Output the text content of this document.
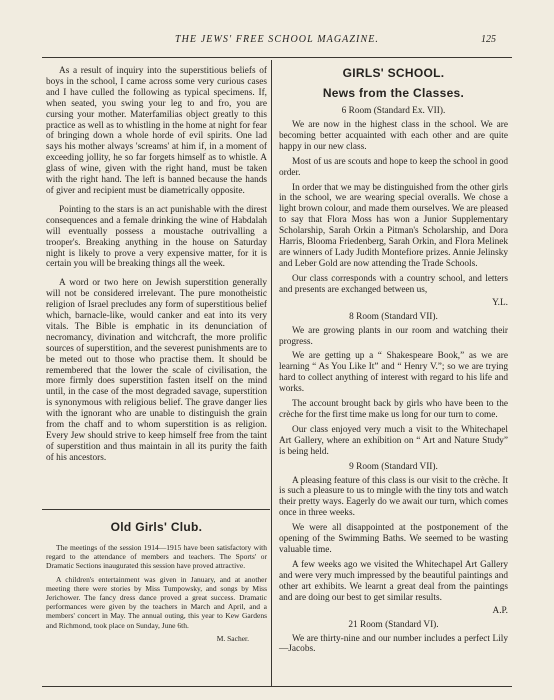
THE JEWS' FREE SCHOOL MAGAZINE.	125

As a result of inquiry into the superstitious beliefs of boys in the school, I came across some very curious cases and I have culled the following as typical specimens. If, when seated, you swing your leg to and fro, you are cursing your mother. Materfamilias object greatly to this practice as well as to whistling in the home at night for fear of bringing down a whole horde of evil spirits. One lad says his mother always 'screams' at him if, in a moment of exceeding jollity, he so far forgets himself as to whistle. A glass of wine, given with the right hand, must be taken with the right hand. The left is banned because the hands of giver and recipient must be diametrically opposite.

Pointing to the stars is an act punishable with the direst consequences and a female drinking the wine of Habdalah will eventually possess a moustache outrivalling a trooper's. Breaking anything in the house on Saturday night is likely to prove a very expensive matter, for it is certain you will be breaking things all the week.

A word or two here on Jewish superstition generally will not be considered irrelevant. The pure monotheistic religion of Israel precludes any form of superstitious belief which, barnacle-like, would canker and eat into its very vitals. The Bible is emphatic in its denunciation of necromancy, divination and witchcraft, the more prolific sources of superstition, and the severest punishments are to be meted out to those who practise them. It should be remembered that the lower the scale of civilisation, the more firmly does superstition fasten itself on the mind until, in the case of the most degraded savage, superstition is synonymous with religious belief. The grave danger lies with the ignorant who are unable to distinguish the grain from the chaff and to whom superstition is as religion. Every Jew should strive to keep himself free from the taint of superstition and thus maintain in all its purity the faith of his ancestors.

Old Girls' Club.

The meetings of the session 1914—1915 have been satisfactory with regard to the attendance of members and teachers. The Sports' or Dramatic Sections inaugurated this session have proved attractive.

A children's entertainment was given in January, and at another meeting there were stories by Miss Tumpowsky, and songs by Miss Jerichower. The fancy dress dance proved a great success. Dramatic performances were given by the teachers in March and April, and a members' concert in May. The annual outing, this year to Kew Gardens and Richmond, took place on Sunday, June 6th.

M. Sacher.
GIRLS' SCHOOL.
News from the Classes.
6 Room (Standard Ex. VII).

We are now in the highest class in the school. We are becoming better acquainted with each other and are quite happy in our new class.

Most of us are scouts and hope to keep the school in good order.

In order that we may be distinguished from the other girls in the school, we are wearing special overalls. We chose a light brown colour, and made them ourselves. We are pleased to say that Flora Moss has won a Junior Supplementary Scholarship, Sarah Orkin a Pitman's Scholarship, and Dora Harris, Blooma Friedenberg, Sarah Orkin, and Flora Melinek are winners of Lady Judith Montefiore prizes. Annie Jelinsky and Leber Gold are now attending the Trade Schools.

Our class corresponds with a country school, and letters and presents are exchanged between us,

Y.L.
8 Room (Standard VII).

We are growing plants in our room and watching their progress.

We are getting up a “ Shakespeare Book,” as we are learning “ As You Like It” and “ Henry V.”; so we are trying hard to collect anything of interest with regard to his life and works.

The account brought back by girls who have been to the crèche for the first time make us long for our turn to come.

Our class enjoyed very much a visit to the Whitechapel Art Gallery, where an exhibition on “ Art and Nature Study” is being held.

9 Room (Standard VII).

A pleasing feature of this class is our visit to the crèche. It is such a pleasure to us to mingle with the tiny tots and watch their pretty ways. Eagerly do we await our turn, which comes once in three weeks.

We were all disappointed at the postponement of the opening of the Swimming Baths. We seemed to be wasting valuable time.

A few weeks ago we visited the Whitechapel Art Gallery and were very much impressed by the beautiful paintings and other art exhibits. We learnt a great deal from the paintings and are doing our best to get similar results.

A.P.
21 Room (Standard VI).

We are thirty-nine and our number includes a perfect Lily—Jacobs.
